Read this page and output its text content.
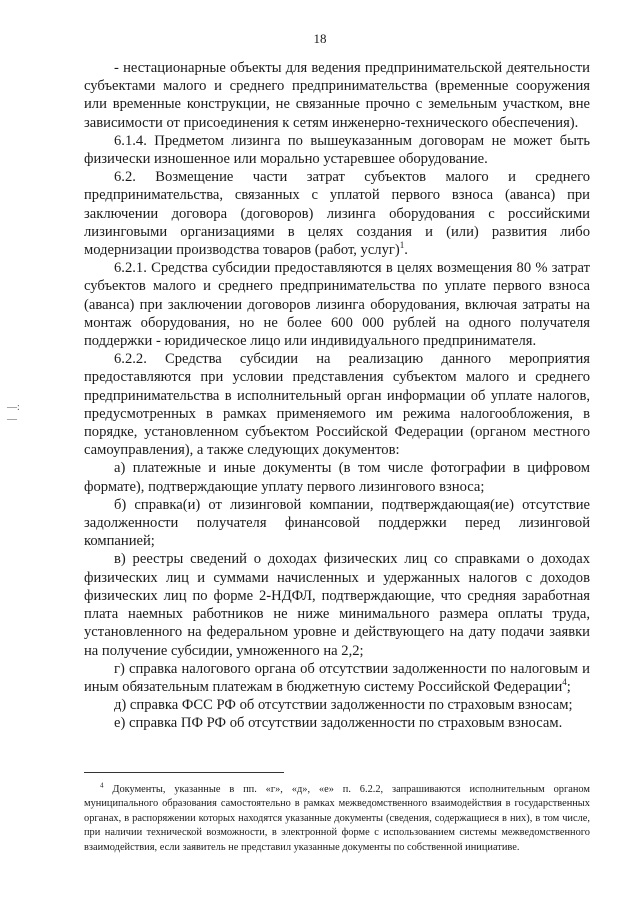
18
—:—

- нестационарные объекты для ведения предпринимательской деятельности субъектами малого и среднего предпринимательства (временные сооружения или временные конструкции, не связанные прочно с земельным участком, вне зависимости от присоединения к сетям инженерно-технического обеспечения).

6.1.4. Предметом лизинга по вышеуказанным договорам не может быть физически изношенное или морально устаревшее оборудование.

6.2. Возмещение части затрат субъектов малого и среднего предпринимательства, связанных с уплатой первого взноса (аванса) при заключении договора (договоров) лизинга оборудования с российскими лизинговыми организациями в целях создания и (или) развития либо модернизации производства товаров (работ, услуг)$^1$.

6.2.1. Средства субсидии предоставляются в целях возмещения 80 % затрат субъектов малого и среднего предпринимательства по уплате первого взноса (аванса) при заключении договоров лизинга оборудования, включая затраты на монтаж оборудования, но не более 600 000 рублей на одного получателя поддержки - юридическое лицо или индивидуального предпринимателя.

6.2.2. Средства субсидии на реализацию данного мероприятия предоставляются при условии представления субъектом малого и среднего предпринимательства в исполнительный орган информации об уплате налогов, предусмотренных в рамках применяемого им режима налогообложения, в порядке, установленном субъектом Российской Федерации (органом местного самоуправления), а также следующих документов:

а) платежные и иные документы (в том числе фотографии в цифровом формате), подтверждающие уплату первого лизингового взноса;

б) справка(и) от лизинговой компании, подтверждающая(ие) отсутствие задолженности получателя финансовой поддержки перед лизинговой компанией;

в) реестры сведений о доходах физических лиц со справками о доходах физических лиц и суммами начисленных и удержанных налогов с доходов физических лиц по форме 2-НДФЛ, подтверждающие, что средняя заработная плата наемных работников не ниже минимального размера оплаты труда, установленного на федеральном уровне и действующего на дату подачи заявки на получение субсидии, умноженного на 2,2;

г) справка налогового органа об отсутствии задолженности по налоговым и иным обязательным платежам в бюджетную систему Российской Федерации$^4$;

д) справка ФСС РФ об отсутствии задолженности по страховым взносам;

е) справка ПФ РФ об отсутствии задолженности по страховым взносам.

$^4$ Документы, указанные в пп. «г», «д», «е» п. 6.2.2, запрашиваются исполнительным органом муниципального образования самостоятельно в рамках межведомственного взаимодействия в государственных органах, в распоряжении которых находятся указанные документы (сведения, содержащиеся в них), в том числе, при наличии технической возможности, в электронной форме с использованием системы межведомственного взаимодействия, если заявитель не представил указанные документы по собственной инициативе.
